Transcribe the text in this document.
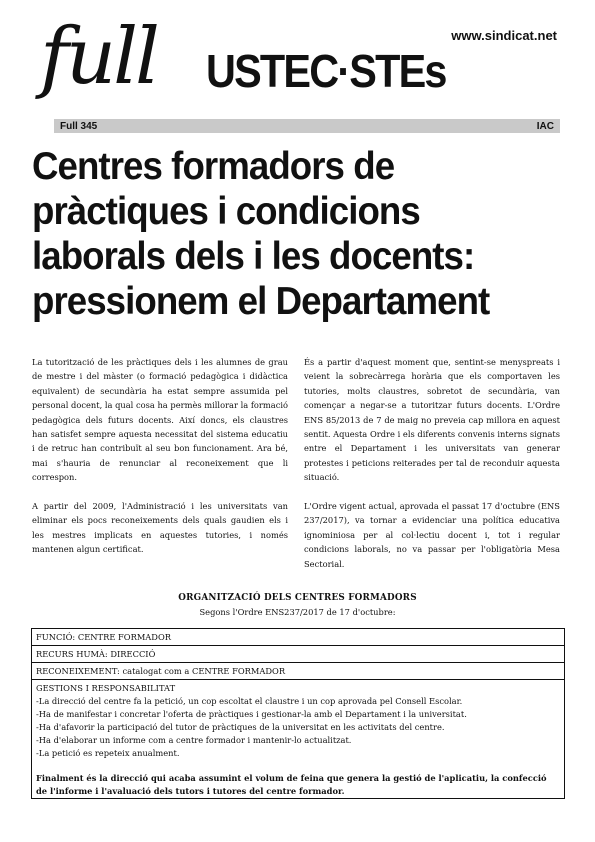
full USTEC·STEs
www.sindicat.net
Full 345	IAC
Centres formadors de pràctiques i condicions laborals dels i les docents: pressionem el Departament

La tutorització de les pràctiques dels i les alumnes de grau de mestre i del màster (o formació pedagògica i didàctica equivalent) de secundària ha estat sempre assumida pel personal docent, la qual cosa ha permès millorar la formació pedagògica dels futurs docents. Així doncs, els claustres han satisfet sempre aquesta necessitat del sistema educatiu i de retruc han contribuït al seu bon funcionament. Ara bé, mai s'hauria de renunciar al reconeixement que li correspon.

A partir del 2009, l'Administració i les universitats van eliminar els pocs reconeixements dels quals gaudien els i les mestres implicats en aquestes tutories, i només mantenen algun certificat.

És a partir d'aquest moment que, sentint-se menyspreats i veient la sobrecàrrega horària que els comportaven les tutories, molts claustres, sobretot de secundària, van començar a negar-se a tutoritzar futurs docents. L'Ordre ENS 85/2013 de 7 de maig no preveia cap millora en aquest sentit. Aquesta Ordre i els diferents convenis interns signats entre el Departament i les universitats van generar protestes i peticions reiterades per tal de reconduir aquesta situació.

L'Ordre vigent actual, aprovada el passat 17 d'octubre (ENS 237/2017), va tornar a evidenciar una política educativa ignominiosa per al col·lectiu docent i, tot i regular condicions laborals, no va passar per l'obligatòria Mesa Sectorial.

ORGANITZACIÓ DELS CENTRES FORMADORS
Segons l'Ordre ENS237/2017 de 17 d'octubre:
FUNCIÓ: CENTRE FORMADOR
RECURS HUMÀ: DIRECCIÓ
RECONEIXEMENT: catalogat com a CENTRE FORMADOR
GESTIONS I RESPONSABILITAT
-La direcció del centre fa la petició, un cop escoltat el claustre i un cop aprovada pel Consell Escolar.
-Ha de manifestar i concretar l'oferta de pràctiques i gestionar-la amb el Departament i la universitat.
-Ha d'afavorir la participació del tutor de pràctiques de la universitat en les activitats del centre.
-Ha d'elaborar un informe com a centre formador i mantenir-lo actualitzat.
-La petició es repeteix anualment.
Finalment és la direcció qui acaba assumint el volum de feina que genera la gestió de l'aplicatiu, la confecció de l'informe i l'avaluació dels tutors i tutores del centre formador.
